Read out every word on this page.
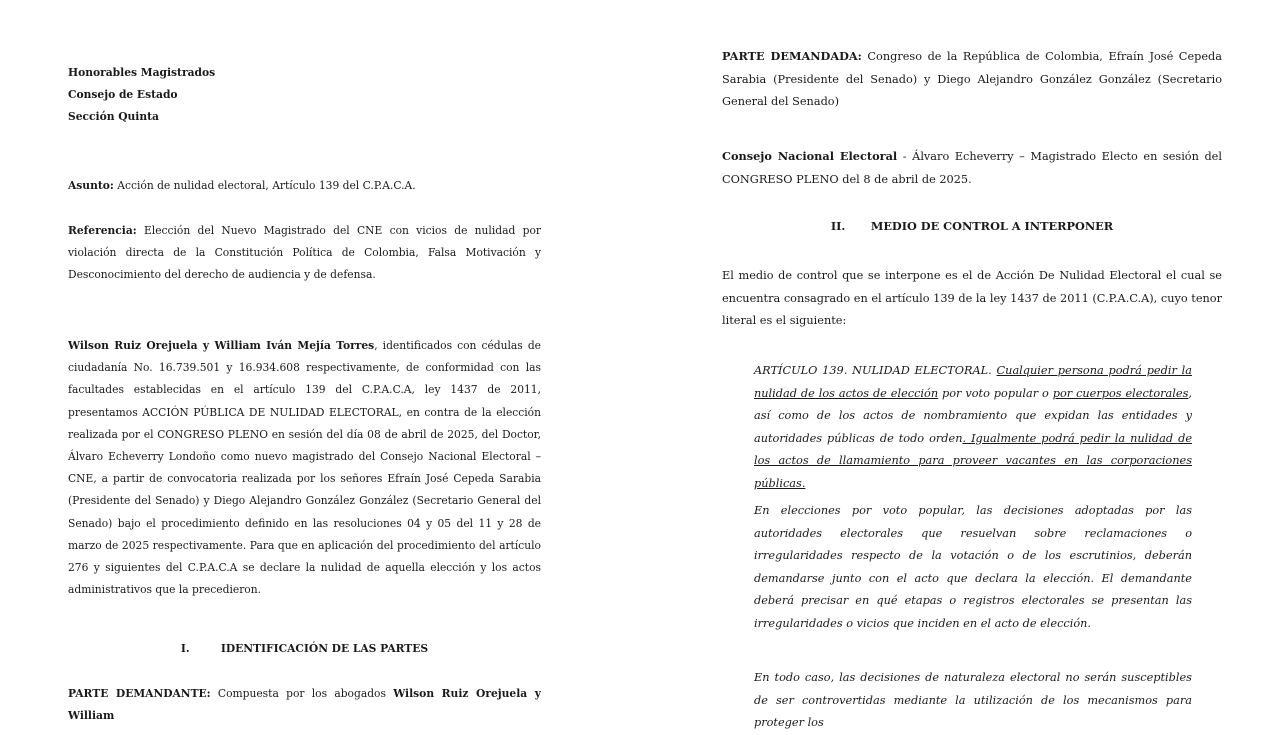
Honorables Magistrados

Consejo de Estado

Sección Quinta

Asunto: Acción de nulidad electoral, Artículo 139 del C.P.A.C.A.

Referencia: Elección del Nuevo Magistrado del CNE con vicios de nulidad por violación directa de la Constitución Política de Colombia, Falsa Motivación y Desconocimiento del derecho de audiencia y de defensa.

Wilson Ruiz Orejuela y William Iván Mejía Torres, identificados con cédulas de ciudadanía No. 16.739.501 y 16.934.608 respectivamente, de conformidad con las facultades establecidas en el artículo 139 del C.P.A.C.A, ley 1437 de 2011, presentamos ACCIÓN PÚBLICA DE NULIDAD ELECTORAL, en contra de la elección realizada por el CONGRESO PLENO en sesión del día 08 de abril de 2025, del Doctor, Álvaro Echeverry Londoño como nuevo magistrado del Consejo Nacional Electoral – CNE, a partir de convocatoria realizada por los señores Efraín José Cepeda Sarabia (Presidente del Senado) y Diego Alejandro González González (Secretario General del Senado) bajo el procedimiento definido en las resoluciones 04 y 05 del 11 y 28 de marzo de 2025 respectivamente. Para que en aplicación del procedimiento del artículo 276 y siguientes del C.P.A.C.A se declare la nulidad de aquella elección y los actos administrativos que la precedieron.

I.	IDENTIFICACIÓN DE LAS PARTES

PARTE DEMANDANTE: Compuesta por los abogados Wilson Ruiz Orejuela y William

PARTE DEMANDADA: Congreso de la República de Colombia, Efraín José Cepeda Sarabia (Presidente del Senado) y Diego Alejandro González González (Secretario General del Senado)

Consejo Nacional Electoral - Álvaro Echeverry – Magistrado Electo en sesión del CONGRESO PLENO del 8 de abril de 2025.

II. MEDIO DE CONTROL A INTERPONER

El medio de control que se interpone es el de Acción De Nulidad Electoral el cual se encuentra consagrado en el artículo 139 de la ley 1437 de 2011 (C.P.A.C.A), cuyo tenor literal es el siguiente:

ARTÍCULO 139. NULIDAD ELECTORAL. Cualquier persona podrá pedir la nulidad de los actos de elección por voto popular o por cuerpos electorales, así como de los actos de nombramiento que expidan las entidades y autoridades públicas de todo orden. Igualmente podrá pedir la nulidad de los actos de llamamiento para proveer vacantes en las corporaciones públicas.

En elecciones por voto popular, las decisiones adoptadas por las autoridades electorales que resuelvan sobre reclamaciones o irregularidades respecto de la votación o de los escrutinios, deberán demandarse junto con el acto que declara la elección. El demandante deberá precisar en qué etapas o registros electorales se presentan las irregularidades o vicios que inciden en el acto de elección.

En todo caso, las decisiones de naturaleza electoral no serán susceptibles de ser controvertidas mediante la utilización de los mecanismos para proteger los
